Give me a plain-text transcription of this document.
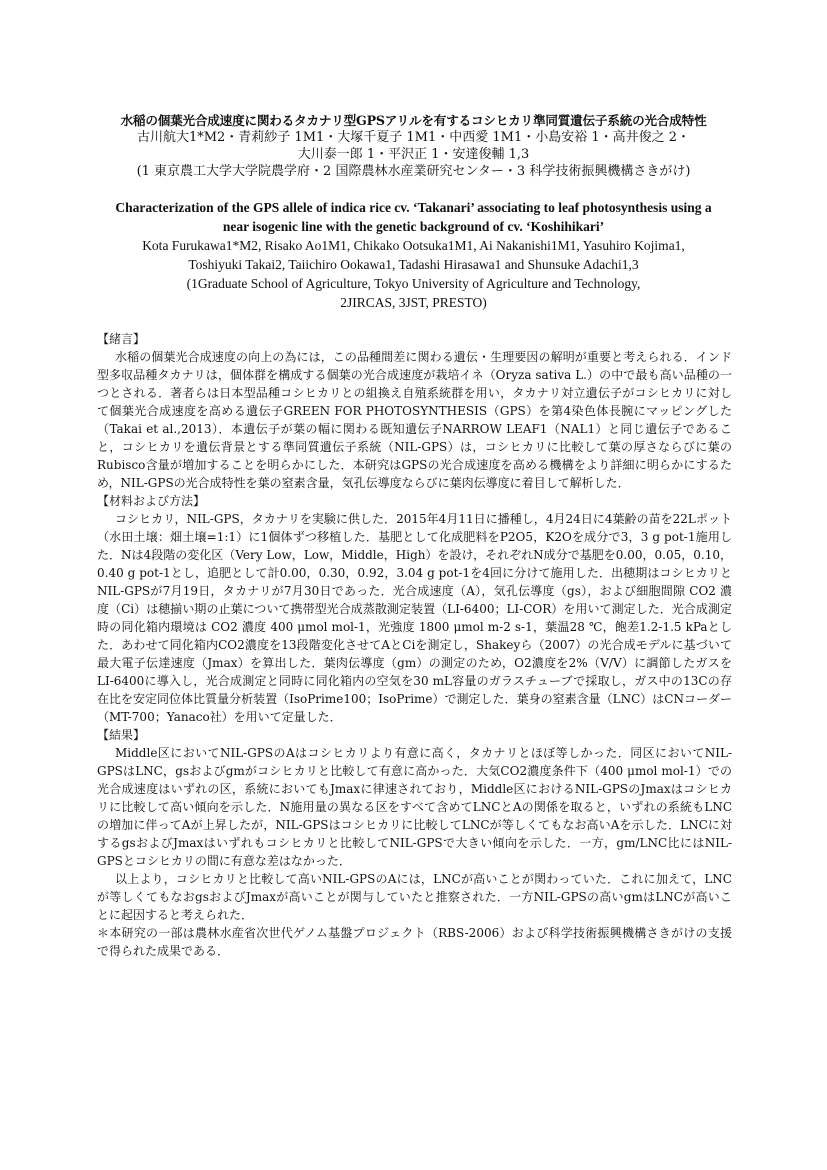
水稲の個葉光合成速度に関わるタカナリ型GPSアリルを有するコシヒカリ準同質遺伝子系統の光合成特性
古川航大1*M2・青莉紗子 1M1・大塚千夏子 1M1・中西愛 1M1・小島安裕 1・高井俊之 2・
大川泰一郎 1・平沢正 1・安達俊輔 1,3
(1 東京農工大学大学院農学府・2 国際農林水産業研究センター・3 科学技術振興機構さきがけ)
Characterization of the GPS allele of indica rice cv. ‘Takanari’ associating to leaf photosynthesis using a
near isogenic line with the genetic background of cv. ‘Koshihikari’
Kota Furukawa1*M2, Risako Ao1M1, Chikako Ootsuka1M1, Ai Nakanishi1M1, Yasuhiro Kojima1,
Toshiyuki Takai2, Taiichiro Ookawa1, Tadashi Hirasawa1 and Shunsuke Adachi1,3
(1Graduate School of Agriculture, Tokyo University of Agriculture and Technology,
2JIRCAS, 3JST, PRESTO)
【緒言】
水稲の個葉光合成速度の向上の為には，この品種間差に関わる遺伝・生理要因の解明が重要と考えられる．インド型多収品種タカナリは，個体群を構成する個葉の光合成速度が栽培イネ（Oryza sativa L.）の中で最も高い品種の一つとされる．著者らは日本型品種コシヒカリとの組換え自殖系統群を用い，タカナリ対立遺伝子がコシヒカリに対して個葉光合成速度を高める遺伝子GREEN FOR PHOTOSYNTHESIS（GPS）を第4染色体長腕にマッピングした（Takai et al.,2013）．本遺伝子が葉の幅に関わる既知遺伝子NARROW LEAF1（NAL1）と同じ遺伝子であること，コシヒカリを遺伝背景とする準同質遺伝子系統（NIL-GPS）は，コシヒカリに比較して葉の厚さならびに葉のRubisco含量が増加することを明らかにした．本研究はGPSの光合成速度を高める機構をより詳細に明らかにするため，NIL-GPSの光合成特性を葉の窒素含量，気孔伝導度ならびに葉肉伝導度に着目して解析した．
【材料および方法】
コシヒカリ，NIL-GPS，タカナリを実験に供した．2015年4月11日に播種し，4月24日に4葉齢の苗を22Lポット（水田土壌：畑土壌=1:1）に1個体ずつ移植した．基肥として化成肥料をP2O5，K2Oを成分で3，3 g pot-1施用した．Nは4段階の変化区（Very Low，Low，Middle，High）を設け，それぞれN成分で基肥を0.00，0.05，0.10，0.40 g pot-1とし，追肥として計0.00，0.30，0.92，3.04 g pot-1を4回に分けて施用した．出穂期はコシヒカリとNIL-GPSが7月19日，タカナリが7月30日であった．光合成速度（A），気孔伝導度（gs），および細胞間隙 CO2 濃度（Ci）は穂揃い期の止葉について携帯型光合成蒸散測定装置（LI-6400；LI-COR）を用いて測定した．光合成測定時の同化箱内環境は CO2 濃度 400 μmol mol-1，光強度 1800 μmol m-2 s-1，葉温28 ℃，飽差1.2-1.5 kPaとした．あわせて同化箱内CO2濃度を13段階変化させてAとCiを測定し，Shakeyら（2007）の光合成モデルに基づいて最大電子伝達速度（Jmax）を算出した．葉肉伝導度（gm）の測定のため，O2濃度を2%（V/V）に調節したガスをLI-6400に導入し，光合成測定と同時に同化箱内の空気を30 mL容量のガラスチューブで採取し，ガス中の13Cの存在比を安定同位体比質量分析装置（IsoPrime100；IsoPrime）で測定した．葉身の窒素含量（LNC）はCNコーダー（MT-700；Yanaco社）を用いて定量した．
【結果】
Middle区においてNIL-GPSのAはコシヒカリより有意に高く，タカナリとほぼ等しかった．同区においてNIL-GPSはLNC，gsおよびgmがコシヒカリと比較して有意に高かった．大気CO2濃度条件下（400 μmol mol-1）での光合成速度はいずれの区，系統においてもJmaxに律速されており，Middle区におけるNIL-GPSのJmaxはコシヒカリに比較して高い傾向を示した．N施用量の異なる区をすべて含めてLNCとAの関係を取ると，いずれの系統もLNCの増加に伴ってAが上昇したが，NIL-GPSはコシヒカリに比較してLNCが等しくてもなお高いAを示した．LNCに対するgsおよびJmaxはいずれもコシヒカリと比較してNIL-GPSで大きい傾向を示した．一方，gm/LNC比にはNIL-GPSとコシヒカリの間に有意な差はなかった．
以上より，コシヒカリと比較して高いNIL-GPSのAには，LNCが高いことが関わっていた．これに加えて，LNCが等しくてもなおgsおよびJmaxが高いことが関与していたと推察された．一方NIL-GPSの高いgmはLNCが高いことに起因すると考えられた．
＊本研究の一部は農林水産省次世代ゲノム基盤プロジェクト（RBS-2006）および科学技術振興機構さきがけの支援で得られた成果である．
